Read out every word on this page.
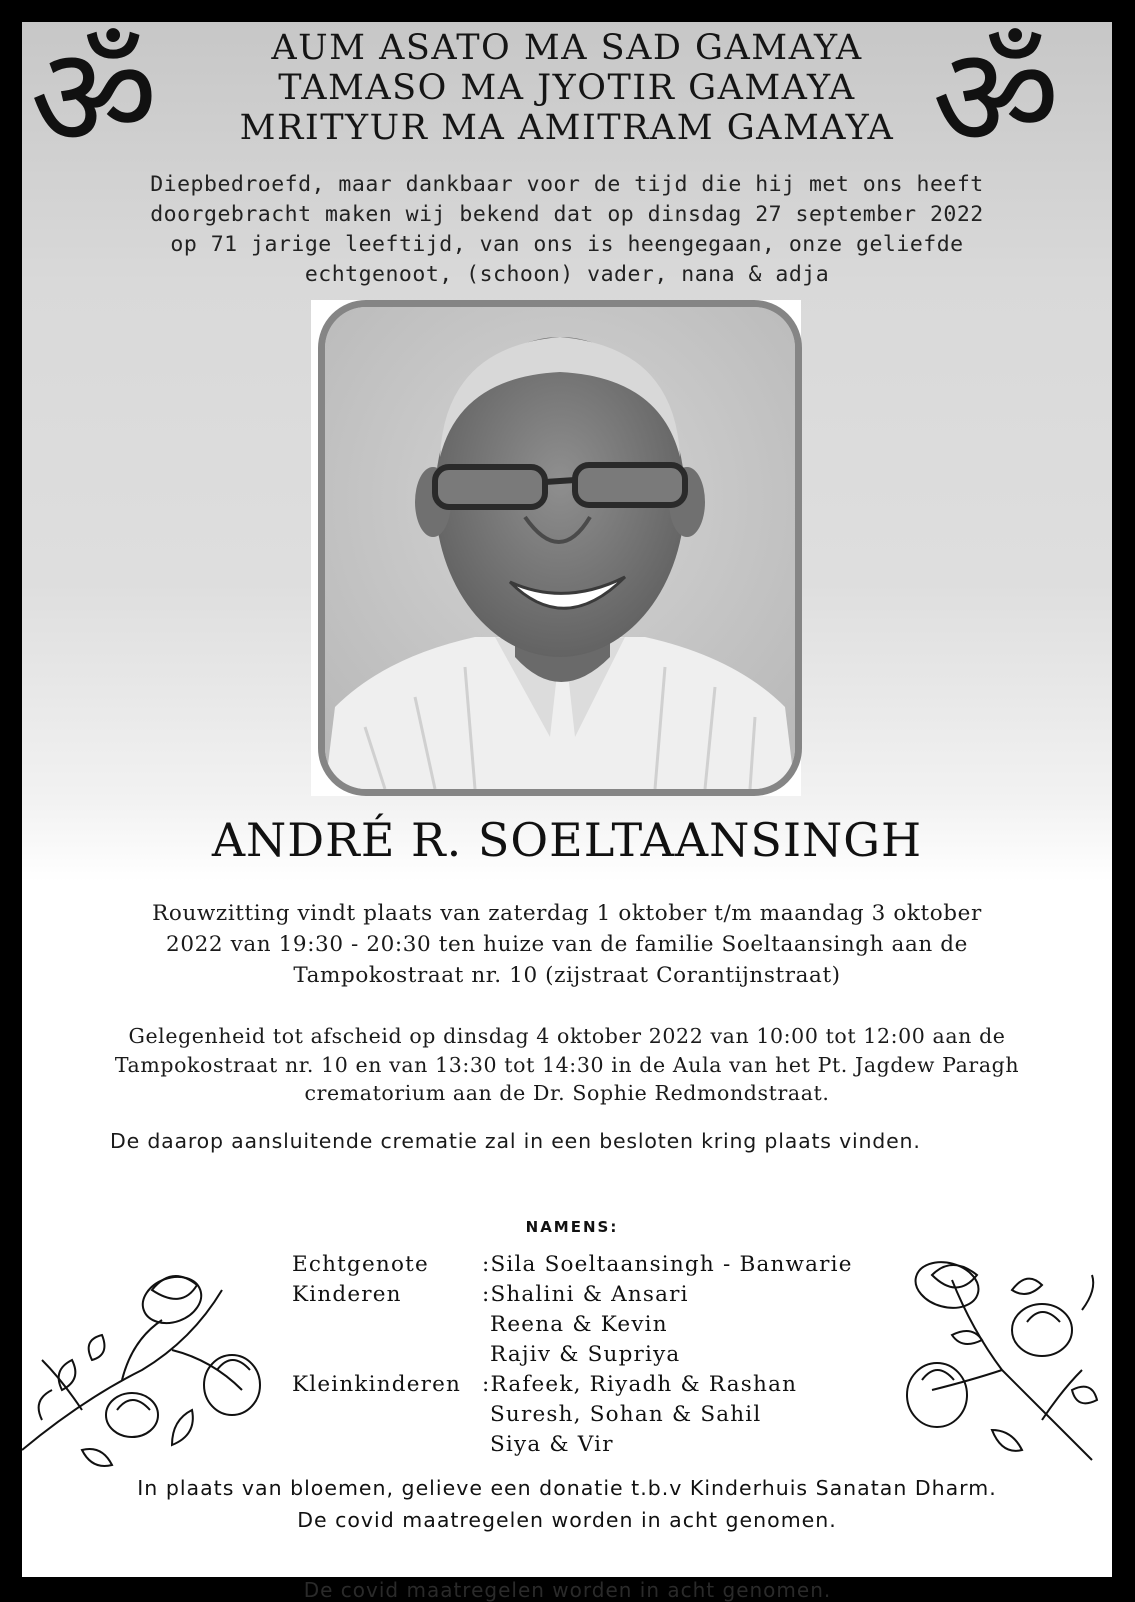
ॐ	ॐ
AUM ASATO MA SAD GAMAYA
TAMASO MA JYOTIR GAMAYA
MRITYUR MA AMITRAM GAMAYA
Diepbedroefd, maar dankbaar voor de tijd die hij met ons heeft
doorgebracht maken wij bekend dat op dinsdag 27 september 2022
op 71 jarige leeftijd, van ons is heengegaan, onze geliefde
echtgenoot, (schoon) vader, nana & adja
ANDRÉ R. SOELTAANSINGH
Rouwzitting vindt plaats van zaterdag 1 oktober t/m maandag 3 oktober
2022 van 19:30 - 20:30 ten huize van de familie Soeltaansingh aan de
Tampokostraat nr. 10 (zijstraat Corantijnstraat)
Gelegenheid tot afscheid op dinsdag 4 oktober 2022 van 10:00 tot 12:00 aan de
Tampokostraat nr. 10 en van 13:30 tot 14:30 in de Aula van het Pt. Jagdew Paragh
crematorium aan de Dr. Sophie Redmondstraat.
De daarop aansluitende crematie zal in een besloten kring plaats vinden.
NAMENS:
Echtgenote :Sila Soeltaansingh - Banwarie
Kinderen	:Shalini & Ansari
Reena & Kevin
Rajiv & Supriya
Kleinkinderen :Rafeek, Riyadh & Rashan
Suresh, Sohan & Sahil
Siya & Vir
In plaats van bloemen, gelieve een donatie t.b.v Kinderhuis Sanatan Dharm.
De covid maatregelen worden in acht genomen.
De covid maatregelen worden in acht genomen.
